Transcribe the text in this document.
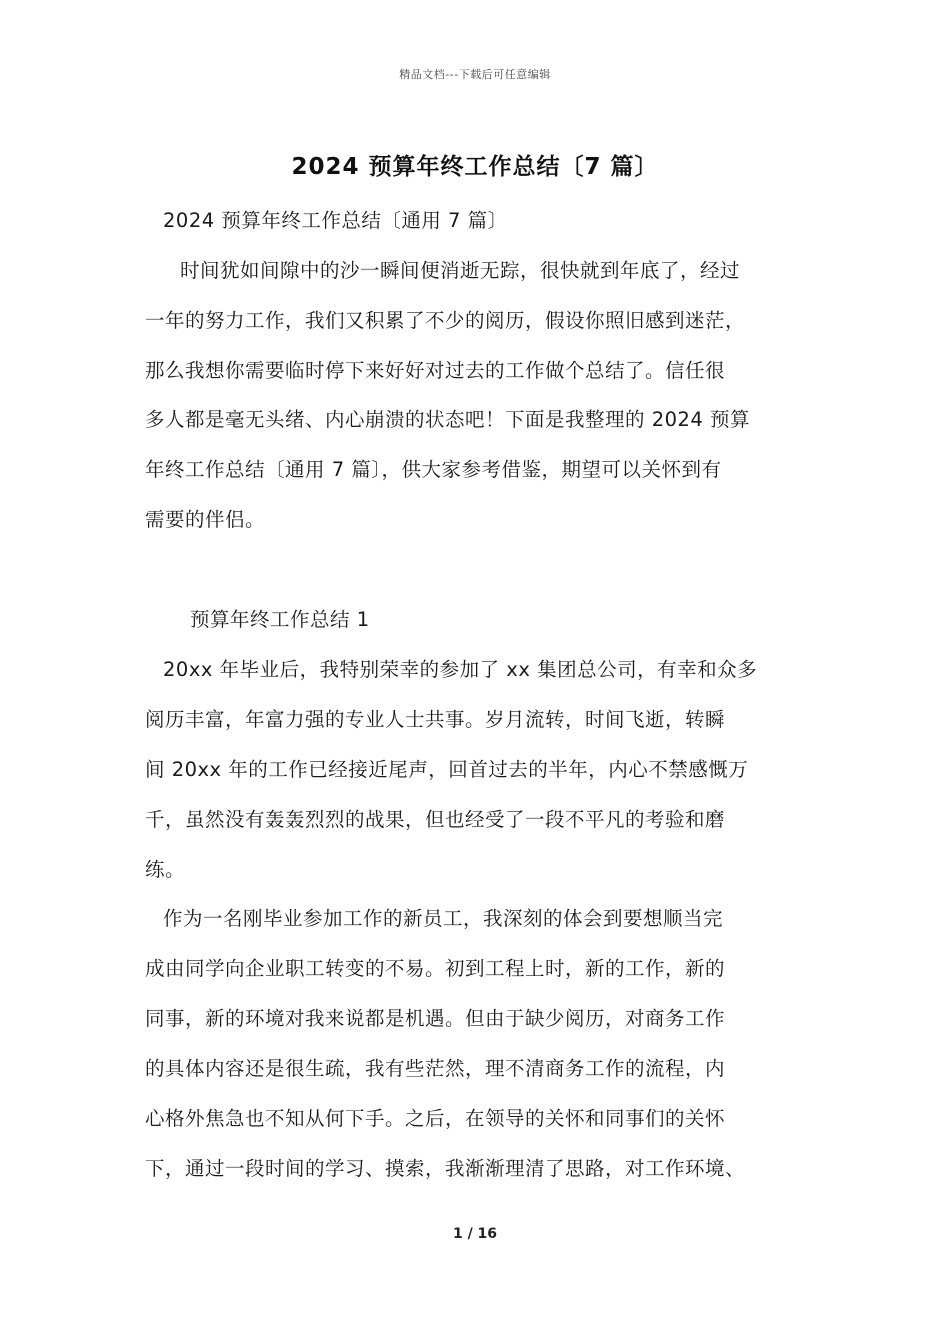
精品文档---下载后可任意编辑
2024 预算年终工作总结〔7 篇〕
2024 预算年终工作总结〔通用 7 篇〕
时间犹如间隙中的沙一瞬间便消逝无踪，很快就到年底了，经过
一年的努力工作，我们又积累了不少的阅历，假设你照旧感到迷茫，
那么我想你需要临时停下来好好对过去的工作做个总结了。信任很
多人都是毫无头绪、内心崩溃的状态吧！下面是我整理的 2024 预算
年终工作总结〔通用 7 篇〕，供大家参考借鉴，期望可以关怀到有
需要的伴侣。
预算年终工作总结 1
20xx 年毕业后，我特别荣幸的参加了 xx 集团总公司，有幸和众多
阅历丰富，年富力强的专业人士共事。岁月流转，时间飞逝，转瞬
间 20xx 年的工作已经接近尾声，回首过去的半年，内心不禁感慨万
千，虽然没有轰轰烈烈的战果，但也经受了一段不平凡的考验和磨
练。
作为一名刚毕业参加工作的新员工，我深刻的体会到要想顺当完
成由同学向企业职工转变的不易。初到工程上时，新的工作，新的
同事，新的环境对我来说都是机遇。但由于缺少阅历，对商务工作
的具体内容还是很生疏，我有些茫然，理不清商务工作的流程，内
心格外焦急也不知从何下手。之后，在领导的关怀和同事们的关怀
下，通过一段时间的学习、摸索，我渐渐理清了思路，对工作环境、
1 / 16
